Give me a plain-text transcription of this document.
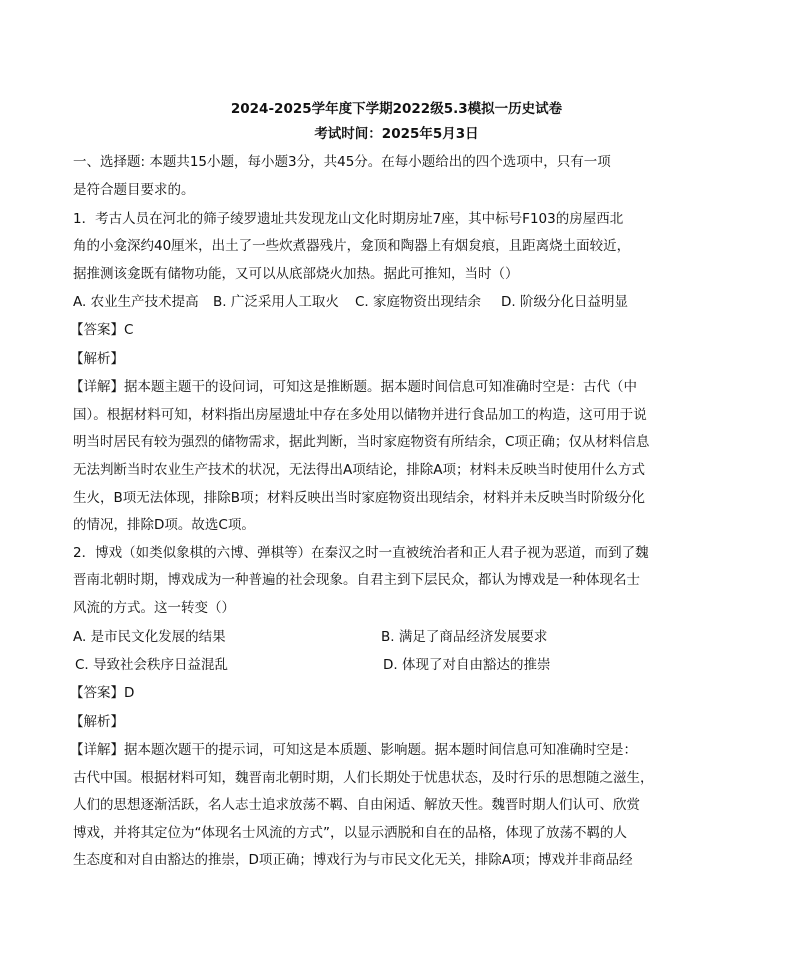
2024-2025学年度下学期2022级5.3模拟一历史试卷
考试时间：2025年5月3日
一、选择题: 本题共15小题，每小题3分，共45分。在每小题给出的四个选项中，只有一项
是符合题目要求的。
1．考古人员在河北的筛子绫罗遗址共发现龙山文化时期房址7座，其中标号F103的房屋西北
角的小龛深约40厘米，出土了一些炊煮器残片，龛顶和陶器上有烟炱痕，且距离烧土面较近，
据推测该龛既有储物功能，又可以从底部烧火加热。据此可推知，当时（）
A. 农业生产技术提高 B. 广泛采用人工取火 C. 家庭物资出现结余 D. 阶级分化日益明显
【答案】C
【解析】
【详解】据本题主题干的设问词，可知这是推断题。据本题时间信息可知准确时空是：古代（中
国）。根据材料可知，材料指出房屋遗址中存在多处用以储物并进行食品加工的构造，这可用于说
明当时居民有较为强烈的储物需求，据此判断，当时家庭物资有所结余，C项正确；仅从材料信息
无法判断当时农业生产技术的状况，无法得出A项结论，排除A项；材料未反映当时使用什么方式
生火，B项无法体现，排除B项；材料反映出当时家庭物资出现结余，材料并未反映当时阶级分化
的情况，排除D项。故选C项。
2．博戏（如类似象棋的六博、弹棋等）在秦汉之时一直被统治者和正人君子视为恶道，而到了魏
晋南北朝时期，博戏成为一种普遍的社会现象。自君主到下层民众，都认为博戏是一种体现名士
风流的方式。这一转变（）
A. 是市民文化发展的结果	B. 满足了商品经济发展要求
C. 导致社会秩序日益混乱	D. 体现了对自由豁达的推崇
【答案】D
【解析】
【详解】据本题次题干的提示词，可知这是本质题、影响题。据本题时间信息可知准确时空是：
古代中国。根据材料可知，魏晋南北朝时期，人们长期处于忧患状态，及时行乐的思想随之滋生，
人们的思想逐渐活跃，名人志士追求放荡不羁、自由闲适、解放天性。魏晋时期人们认可、欣赏
博戏，并将其定位为“体现名士风流的方式”，以显示洒脱和自在的品格，体现了放荡不羁的人
生态度和对自由豁达的推崇，D项正确；博戏行为与市民文化无关，排除A项；博戏并非商品经
